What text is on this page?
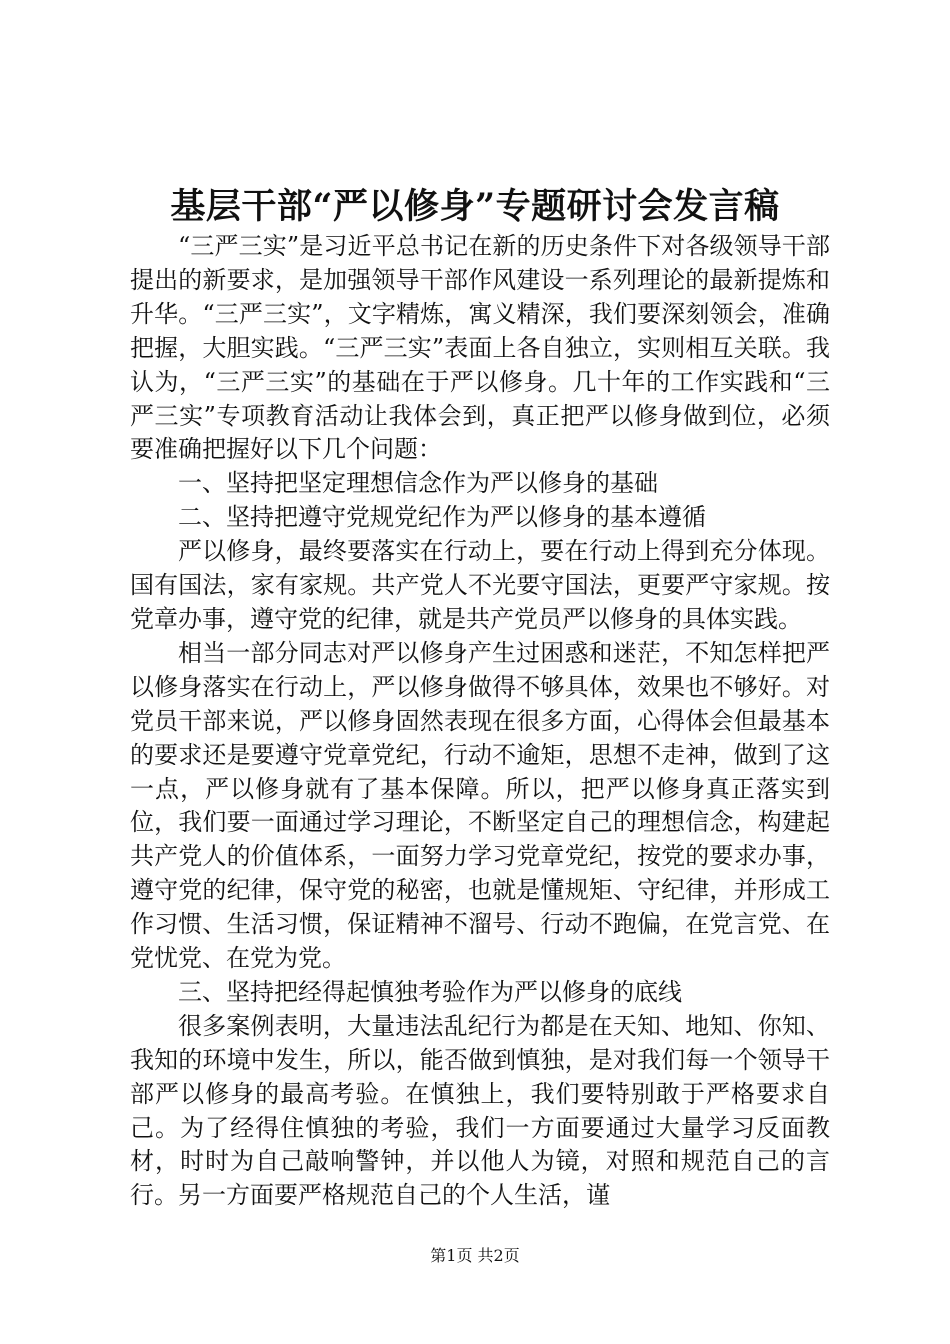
基层干部“严以修身”专题研讨会发言稿

“三严三实”是习近平总书记在新的历史条件下对各级领导干部提出的新要求，是加强领导干部作风建设一系列理论的最新提炼和升华。“三严三实”，文字精炼，寓义精深，我们要深刻领会，准确把握，大胆实践。“三严三实”表面上各自独立，实则相互关联。我认为，“三严三实”的基础在于严以修身。几十年的工作实践和“三严三实”专项教育活动让我体会到，真正把严以修身做到位，必须要准确把握好以下几个问题：

一、坚持把坚定理想信念作为严以修身的基础

二、坚持把遵守党规党纪作为严以修身的基本遵循

严以修身，最终要落实在行动上，要在行动上得到充分体现。国有国法，家有家规。共产党人不光要守国法，更要严守家规。按党章办事，遵守党的纪律，就是共产党员严以修身的具体实践。

相当一部分同志对严以修身产生过困惑和迷茫，不知怎样把严以修身落实在行动上，严以修身做得不够具体，效果也不够好。对党员干部来说，严以修身固然表现在很多方面，心得体会但最基本的要求还是要遵守党章党纪，行动不逾矩，思想不走神，做到了这一点，严以修身就有了基本保障。所以，把严以修身真正落实到位，我们要一面通过学习理论，不断坚定自己的理想信念，构建起共产党人的价值体系，一面努力学习党章党纪，按党的要求办事，遵守党的纪律，保守党的秘密，也就是懂规矩、守纪律，并形成工作习惯、生活习惯，保证精神不溜号、行动不跑偏，在党言党、在党忧党、在党为党。

三、坚持把经得起慎独考验作为严以修身的底线

很多案例表明，大量违法乱纪行为都是在天知、地知、你知、我知的环境中发生，所以，能否做到慎独，是对我们每一个领导干部严以修身的最高考验。在慎独上，我们要特别敢于严格要求自己。为了经得住慎独的考验，我们一方面要通过大量学习反面教材，时时为自己敲响警钟，并以他人为镜，对照和规范自己的言行。另一方面要严格规范自己的个人生活，谨

第1页 共2页
